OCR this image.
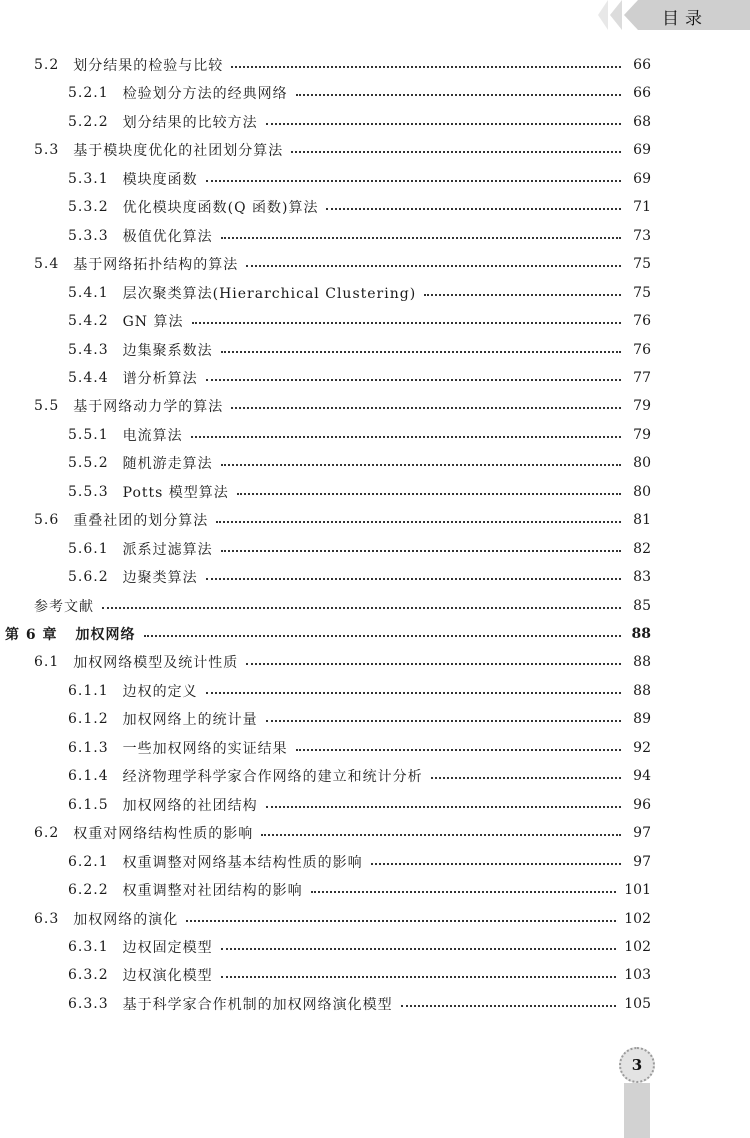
目录
5.2 划分结果的检验与比较	66
5.2.1 检验划分方法的经典网络	66
5.2.2 划分结果的比较方法	68
5.3 基于模块度优化的社团划分算法	69
5.3.1 模块度函数	69
5.3.2 优化模块度函数(Q 函数)算法	71
5.3.3 极值优化算法	73
5.4 基于网络拓扑结构的算法	75
5.4.1 层次聚类算法(Hierarchical Clustering)	75
5.4.2 GN 算法	76
5.4.3 边集聚系数法	76
5.4.4 谱分析算法	77
5.5 基于网络动力学的算法	79
5.5.1 电流算法	79
5.5.2 随机游走算法	80
5.5.3 Potts 模型算法	80
5.6 重叠社团的划分算法	81
5.6.1 派系过滤算法	82
5.6.2 边聚类算法	83
参考文献	85
第 6 章 加权网络	88
6.1 加权网络模型及统计性质	88
6.1.1 边权的定义	88
6.1.2 加权网络上的统计量	89
6.1.3 一些加权网络的实证结果	92
6.1.4 经济物理学科学家合作网络的建立和统计分析	94
6.1.5 加权网络的社团结构	96
6.2 权重对网络结构性质的影响	97
6.2.1 权重调整对网络基本结构性质的影响	97
6.2.2 权重调整对社团结构的影响	101
6.3 加权网络的演化	102
6.3.1 边权固定模型	102
6.3.2 边权演化模型	103
6.3.3 基于科学家合作机制的加权网络演化模型	105
3
